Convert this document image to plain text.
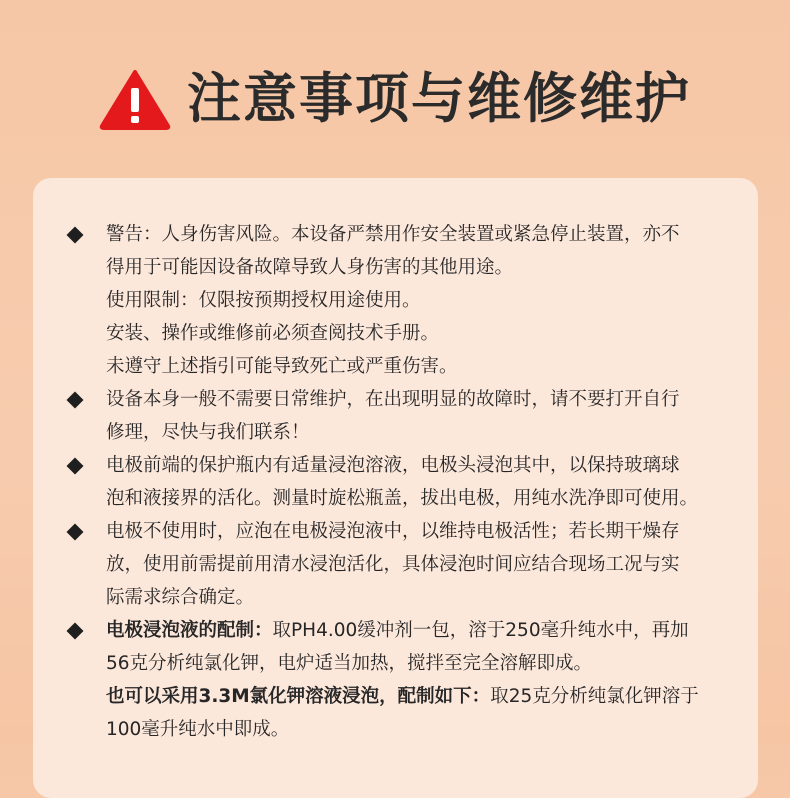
注意事项与维修维护
警告：人身伤害风险。本设备严禁用作安全装置或紧急停止装置，亦不
得用于可能因设备故障导致人身伤害的其他用途。
使用限制：仅限按预期授权用途使用。
安装、操作或维修前必须查阅技术手册。
未遵守上述指引可能导致死亡或严重伤害。
设备本身一般不需要日常维护，在出现明显的故障时，请不要打开自行
修理，尽快与我们联系！
电极前端的保护瓶内有适量浸泡溶液，电极头浸泡其中，以保持玻璃球
泡和液接界的活化。测量时旋松瓶盖，拔出电极，用纯水洗净即可使用。
电极不使用时，应泡在电极浸泡液中，以维持电极活性；若长期干燥存
放，使用前需提前用清水浸泡活化，具体浸泡时间应结合现场工况与实
际需求综合确定。
电极浸泡液的配制：取PH4.00缓冲剂一包，溶于250毫升纯水中，再加
56克分析纯氯化钾，电炉适当加热，搅拌至完全溶解即成。
也可以采用3.3M氯化钾溶液浸泡，配制如下：取25克分析纯氯化钾溶于
100毫升纯水中即成。
